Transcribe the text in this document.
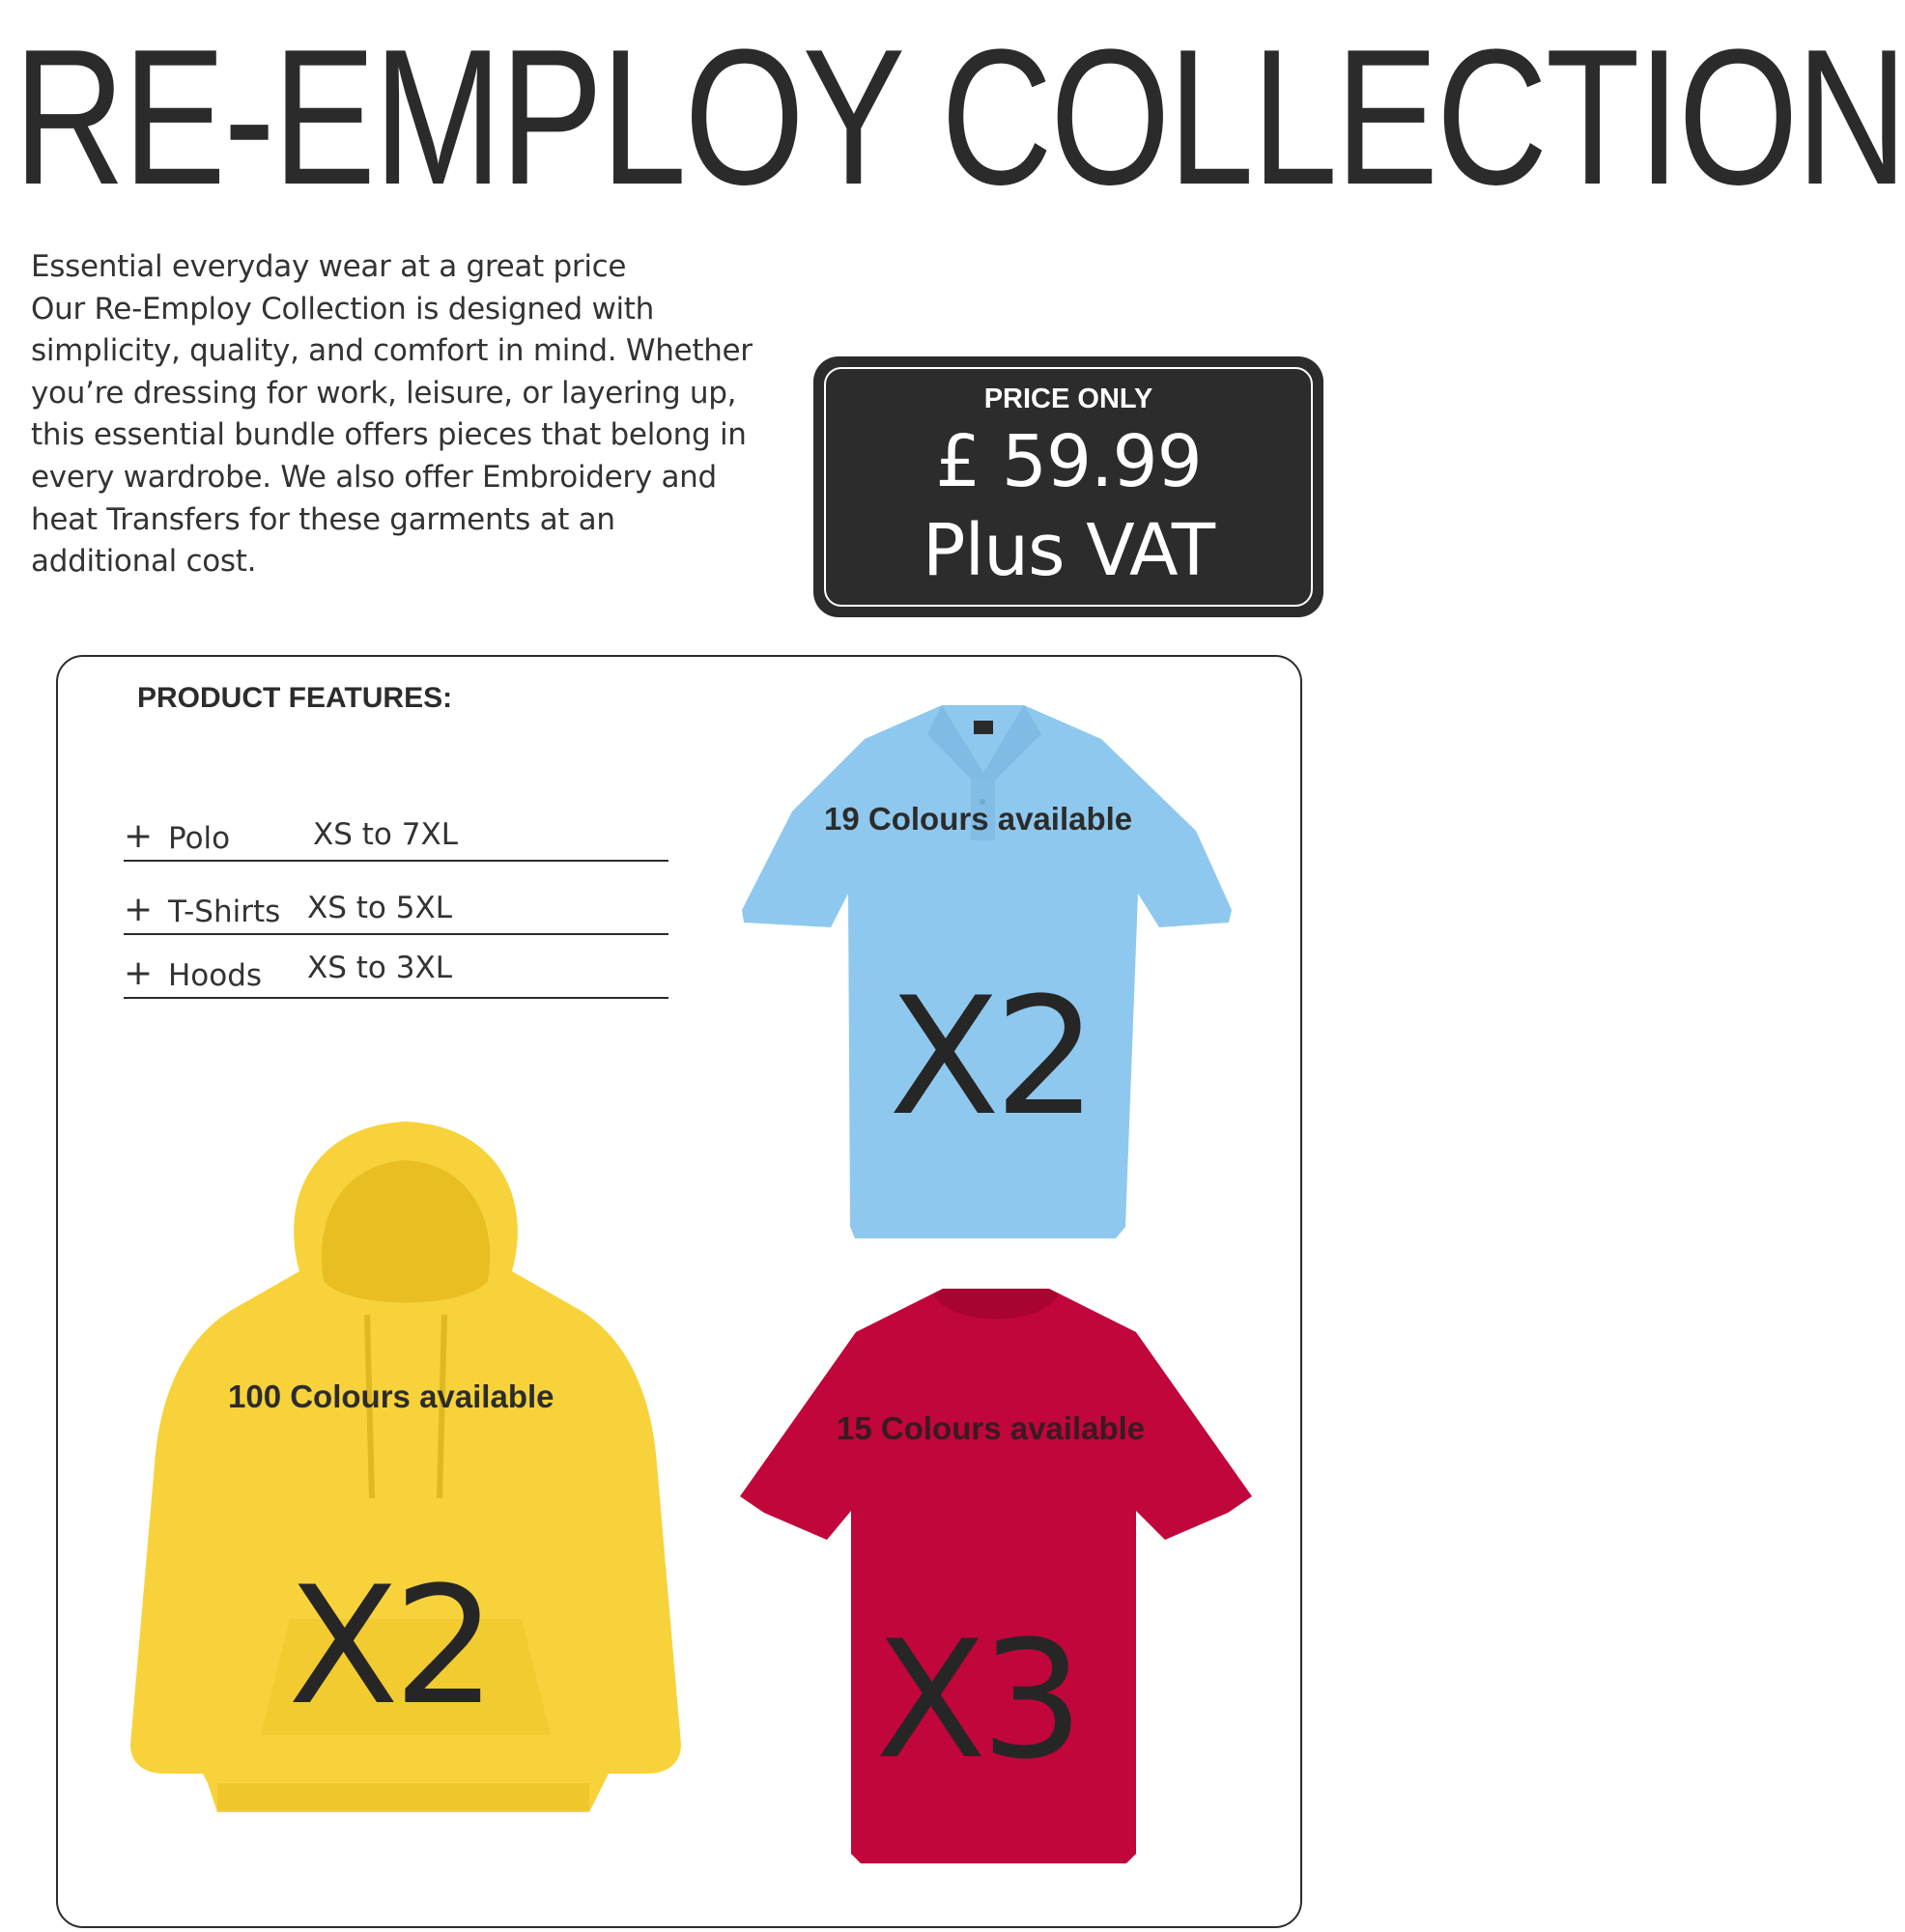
RE-EMPLOY COLLECTION

Essential everyday wear at a great price
Our Re-Employ Collection is designed with
simplicity, quality, and comfort in mind. Whether
you’re dressing for work, leisure, or layering up,
this essential bundle offers pieces that belong in
every wardrobe. We also offer Embroidery and
heat Transfers for these garments at an
additional cost.

PRICE ONLY
£ 59.99
Plus VAT
PRODUCT FEATURES:
+ Polo	XS to 7XL
+ T-Shirts XS to 5XL
+ Hoods XS to 3XL
19 Colours available
X2
100 Colours available
X2
15 Colours available
X3
